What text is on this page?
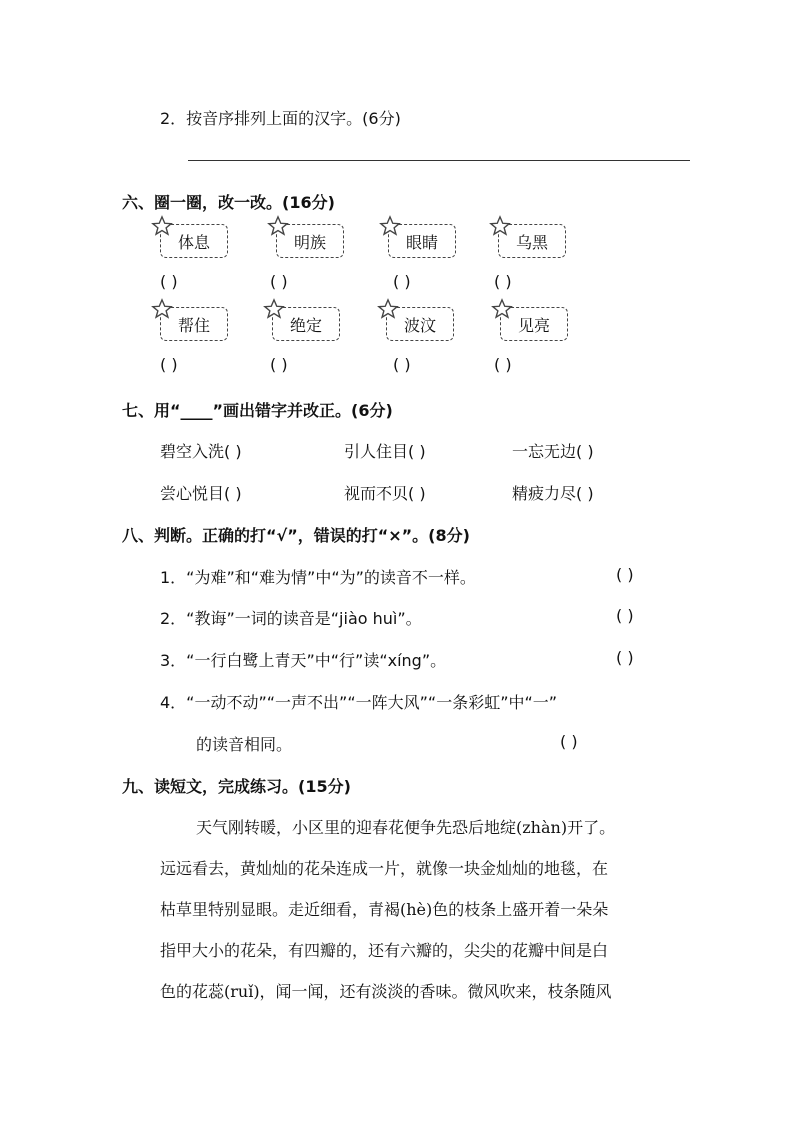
2．按音序排列上面的汉字。(6分)
六、圈一圈，改一改。(16分)
体息	明族	眼睛	乌黑
( )	( )	( )	( )
帮住	绝定	波汶	见亮
( )	( )	( )	( )
七、用“____”画出错字并改正。(6分)
碧空入洗( )	引人住目( )	一忘无边( )
尝心悦目( )	视而不贝( )	精疲力尽( )
八、判断。正确的打“√”，错误的打“×”。(8分)
1．“为难”和“难为情”中“为”的读音不一样。	( )
2．“教诲”一词的读音是“jiào huì”。	( )
3．“一行白鹭上青天”中“行”读“xíng”。	( )
4．“一动不动”“一声不出”“一阵大风”“一条彩虹”中“一”
的读音相同。	( )
九、读短文，完成练习。(15分)
天气刚转暖，小区里的迎春花便争先恐后地绽(zhàn)开了。
远远看去，黄灿灿的花朵连成一片，就像一块金灿灿的地毯，在
枯草里特别显眼。走近细看，青褐(hè)色的枝条上盛开着一朵朵
指甲大小的花朵，有四瓣的，还有六瓣的，尖尖的花瓣中间是白
色的花蕊(ruǐ)，闻一闻，还有淡淡的香味。微风吹来，枝条随风
